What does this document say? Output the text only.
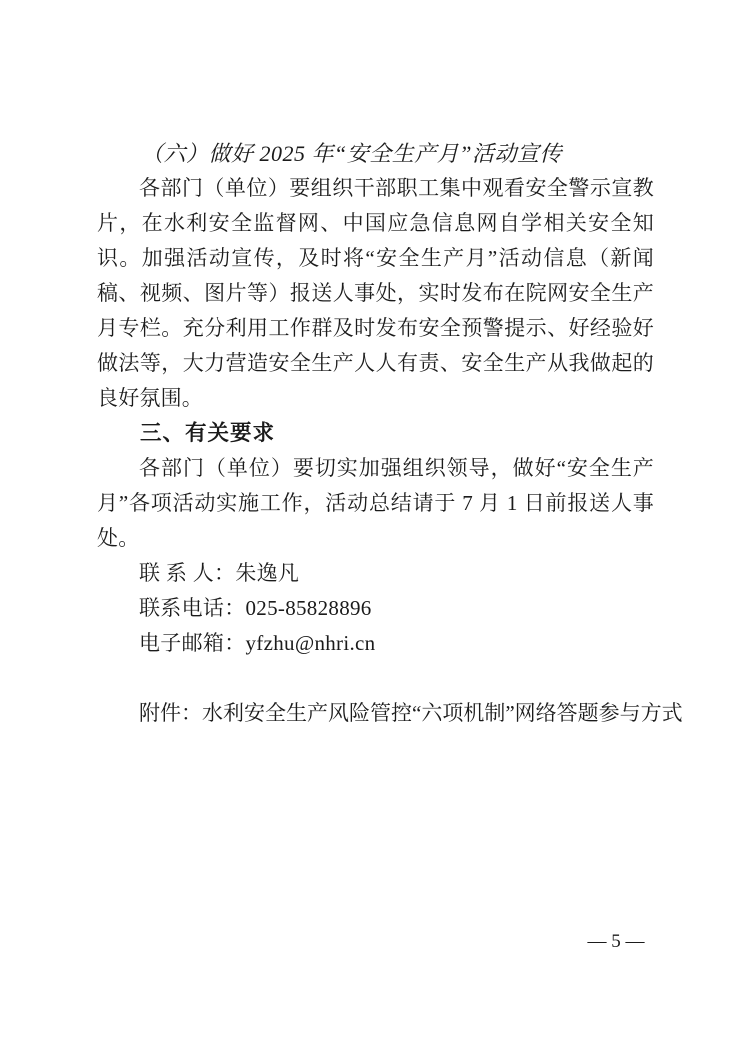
（六）做好 2025 年“安全生产月”活动宣传

各部门（单位）要组织干部职工集中观看安全警示宣教片，在水利安全监督网、中国应急信息网自学相关安全知识。加强活动宣传，及时将“安全生产月”活动信息（新闻稿、视频、图片等）报送人事处，实时发布在院网安全生产月专栏。充分利用工作群及时发布安全预警提示、好经验好做法等，大力营造安全生产人人有责、安全生产从我做起的良好氛围。

三、有关要求

各部门（单位）要切实加强组织领导，做好“安全生产月”各项活动实施工作，活动总结请于 7 月 1 日前报送人事处。

联 系 人：朱逸凡
联系电话：025-85828896
电子邮箱：yfzhu@nhri.cn
附件：水利安全生产风险管控“六项机制”网络答题参与方式
— 5 —
